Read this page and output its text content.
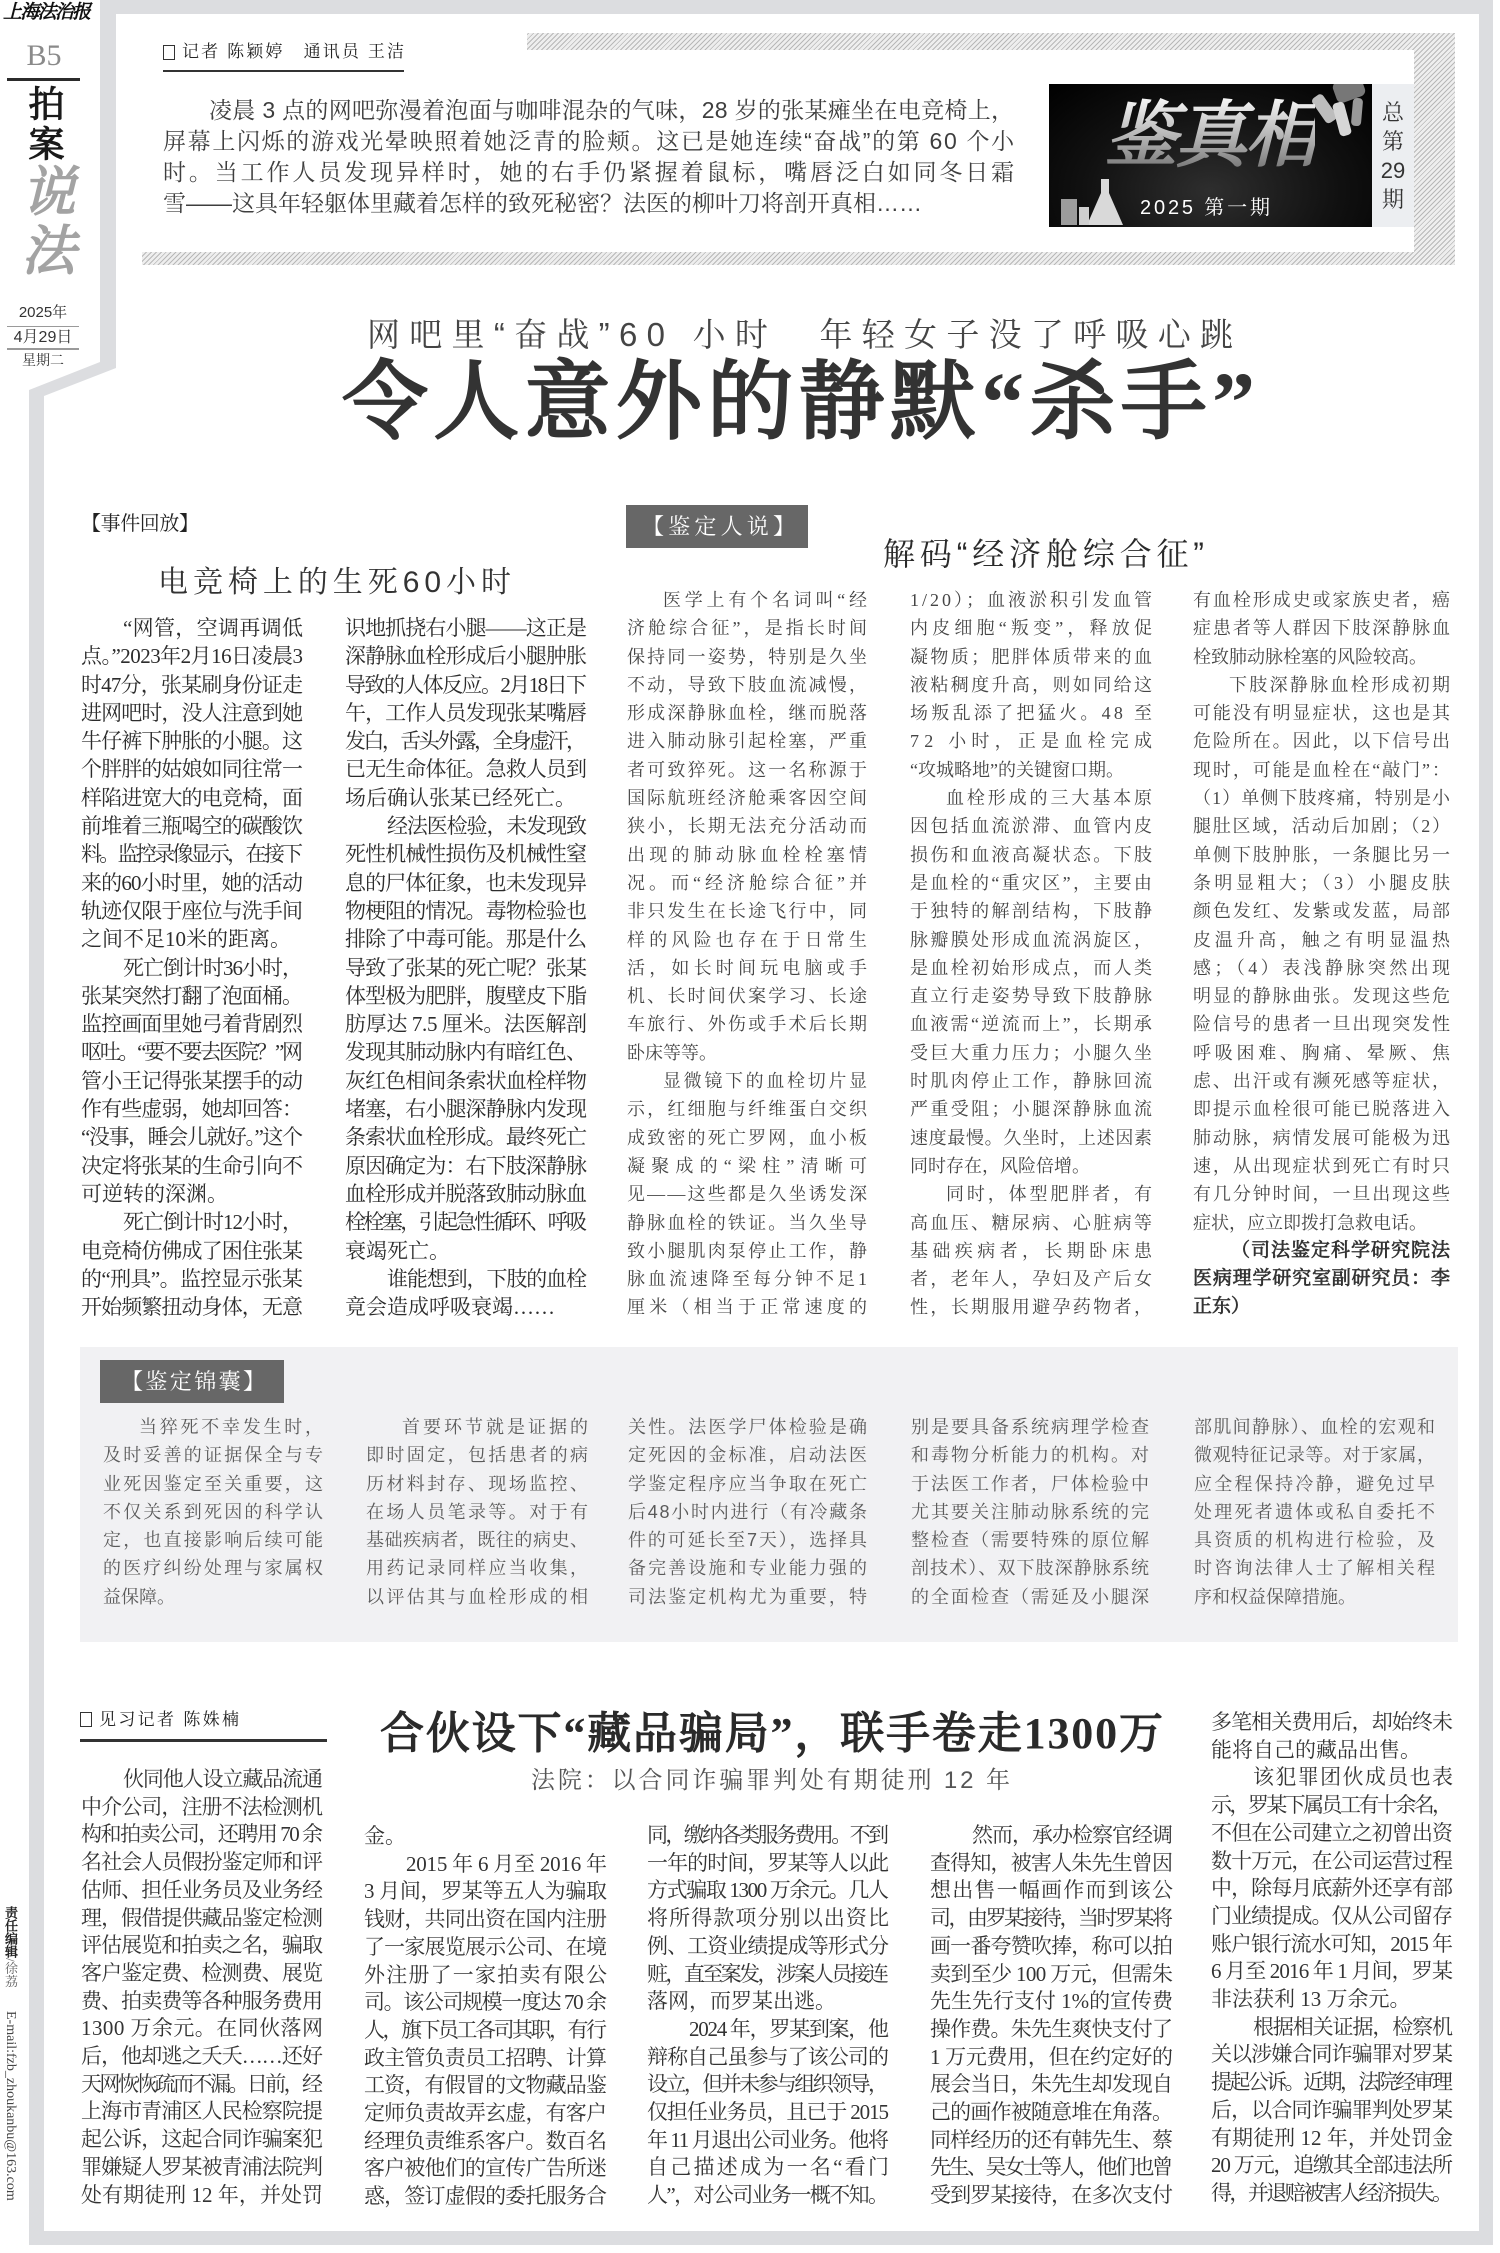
上海法治报
B5
拍案
说法
2025年
4月29日
星期二
责任编辑/徐荔
E-mail:fzb_zhoukanbu@163.com
记者 陈颖婷　通讯员 王洁
凌晨 3 点的网吧弥漫着泡面与咖啡混杂的气味，28 岁的张某瘫坐在电竞椅上，
屏幕上闪烁的游戏光晕映照着她泛青的脸颊。这已是她连续“奋战”的第 60 个小
时。当工作人员发现异样时，她的右手仍紧握着鼠标，嘴唇泛白如同冬日霜
雪——这具年轻躯体里藏着怎样的致死秘密？法医的柳叶刀将剖开真相……
鉴真相
2025 第一期
总
第
29
期
网吧里“奋战”60 小时　年轻女子没了呼吸心跳
令人意外的静默“杀手”
【事件回放】
电竞椅上的生死60小时
“网管，空调再调低
点。”2023年2月16日凌晨3
时47分，张某刷身份证走
进网吧时，没人注意到她
牛仔裤下肿胀的小腿。这
个胖胖的姑娘如同往常一
样陷进宽大的电竞椅，面
前堆着三瓶喝空的碳酸饮
料。监控录像显示，在接下
来的60小时里，她的活动
轨迹仅限于座位与洗手间
之间不足10米的距离。
死亡倒计时36小时，
张某突然打翻了泡面桶。
监控画面里她弓着背剧烈
呕吐。“要不要去医院？”网
管小王记得张某摆手的动
作有些虚弱，她却回答：
“没事，睡会儿就好。”这个
决定将张某的生命引向不
可逆转的深渊。
死亡倒计时12小时，
电竞椅仿佛成了困住张某
的“刑具”。监控显示张某
开始频繁扭动身体，无意
识地抓挠右小腿——这正是
深静脉血栓形成后小腿肿胀
导致的人体反应。2月18日下
午，工作人员发现张某嘴唇
发白，舌头外露，全身虚汗，
已无生命体征。急救人员到
场后确认张某已经死亡。
经法医检验，未发现致
死性机械性损伤及机械性窒
息的尸体征象，也未发现异
物梗阻的情况。毒物检验也
排除了中毒可能。那是什么
导致了张某的死亡呢？张某
体型极为肥胖，腹壁皮下脂
肪厚达 7.5 厘米。法医解剖
发现其肺动脉内有暗红色、
灰红色相间条索状血栓样物
堵塞，右小腿深静脉内发现
条索状血栓形成。最终死亡
原因确定为：右下肢深静脉
血栓形成并脱落致肺动脉血
栓栓塞，引起急性循环、呼吸
衰竭死亡。
谁能想到，下肢的血栓
竟会造成呼吸衰竭……
【鉴定人说】
解码“经济舱综合征”
医学上有个名词叫“经
济舱综合征”，是指长时间
保持同一姿势，特别是久坐
不动，导致下肢血流减慢，
形成深静脉血栓，继而脱落
进入肺动脉引起栓塞，严重
者可致猝死。这一名称源于
国际航班经济舱乘客因空间
狭小，长期无法充分活动而
出现的肺动脉血栓栓塞情
况。而“经济舱综合征”并
非只发生在长途飞行中，同
样的风险也存在于日常生
活，如长时间玩电脑或手
机、长时间伏案学习、长途
车旅行、外伤或手术后长期
卧床等等。
显微镜下的血栓切片显
示，红细胞与纤维蛋白交织
成致密的死亡罗网，血小板
凝聚成的“梁柱”清晰可
见——这些都是久坐诱发深
静脉血栓的铁证。当久坐导
致小腿肌肉泵停止工作，静
脉血流速降至每分钟不足1
厘米（相当于正常速度的
1/20）；血液淤积引发血管
内皮细胞“叛变”，释放促
凝物质；肥胖体质带来的血
液粘稠度升高，则如同给这
场叛乱添了把猛火。48 至
72 小时，正是血栓完成
“攻城略地”的关键窗口期。
血栓形成的三大基本原
因包括血流淤滞、血管内皮
损伤和血液高凝状态。下肢
是血栓的“重灾区”，主要由
于独特的解剖结构，下肢静
脉瓣膜处形成血流涡旋区，
是血栓初始形成点，而人类
直立行走姿势导致下肢静脉
血液需“逆流而上”，长期承
受巨大重力压力；小腿久坐
时肌肉停止工作，静脉回流
严重受阻；小腿深静脉血流
速度最慢。久坐时，上述因素
同时存在，风险倍增。
同时，体型肥胖者，有
高血压、糖尿病、心脏病等
基础疾病者，长期卧床患
者，老年人，孕妇及产后女
性，长期服用避孕药物者，
有血栓形成史或家族史者，癌
症患者等人群因下肢深静脉血
栓致肺动脉栓塞的风险较高。
下肢深静脉血栓形成初期
可能没有明显症状，这也是其
危险所在。因此，以下信号出
现时，可能是血栓在“敲门”：
（1）单侧下肢疼痛，特别是小
腿肚区域，活动后加剧；（2）
单侧下肢肿胀，一条腿比另一
条明显粗大；（3）小腿皮肤
颜色发红、发紫或发蓝，局部
皮温升高，触之有明显温热
感；（4）表浅静脉突然出现
明显的静脉曲张。发现这些危
险信号的患者一旦出现突发性
呼吸困难、胸痛、晕厥、焦
虑、出汗或有濒死感等症状，
即提示血栓很可能已脱落进入
肺动脉，病情发展可能极为迅
速，从出现症状到死亡有时只
有几分钟时间，一旦出现这些
症状，应立即拨打急救电话。
（司法鉴定科学研究院法
医病理学研究室副研究员：李
正东）
【鉴定锦囊】
当猝死不幸发生时，
及时妥善的证据保全与专
业死因鉴定至关重要，这
不仅关系到死因的科学认
定，也直接影响后续可能
的医疗纠纷处理与家属权
益保障。
首要环节就是证据的
即时固定，包括患者的病
历材料封存、现场监控、
在场人员笔录等。对于有
基础疾病者，既往的病史、
用药记录同样应当收集，
以评估其与血栓形成的相
关性。法医学尸体检验是确
定死因的金标准，启动法医
学鉴定程序应当争取在死亡
后48小时内进行（有冷藏条
件的可延长至7天），选择具
备完善设施和专业能力强的
司法鉴定机构尤为重要，特
别是要具备系统病理学检查
和毒物分析能力的机构。对
于法医工作者，尸体检验中
尤其要关注肺动脉系统的完
整检查（需要特殊的原位解
剖技术）、双下肢深静脉系统
的全面检查（需延及小腿深
部肌间静脉）、血栓的宏观和
微观特征记录等。对于家属，
应全程保持冷静，避免过早
处理死者遗体或私自委托不
具资质的机构进行检验，及
时咨询法律人士了解相关程
序和权益保障措施。
见习记者 陈姝楠	合伙设下“藏品骗局”，联手卷走1300万
法院：以合同诈骗罪判处有期徒刑 12 年
伙同他人设立藏品流通
中介公司，注册不法检测机
构和拍卖公司，还聘用 70 余
名社会人员假扮鉴定师和评
估师、担任业务员及业务经
理，假借提供藏品鉴定检测
评估展览和拍卖之名，骗取
客户鉴定费、检测费、展览
费、拍卖费等各种服务费用
1300 万余元。在同伙落网
后，他却逃之夭夭……还好
天网恢恢疏而不漏。日前，经
上海市青浦区人民检察院提
起公诉，这起合同诈骗案犯
罪嫌疑人罗某被青浦法院判
处有期徒刑 12 年，并处罚
金。
2015 年 6 月至 2016 年
3 月间，罗某等五人为骗取
钱财，共同出资在国内注册
了一家展览展示公司、在境
外注册了一家拍卖有限公
司。该公司规模一度达 70 余
人，旗下员工各司其职，有行
政主管负责员工招聘、计算
工资，有假冒的文物藏品鉴
定师负责故弄玄虚，有客户
经理负责维系客户。数百名
客户被他们的宣传广告所迷
惑，签订虚假的委托服务合
同，缴纳各类服务费用。不到
一年的时间，罗某等人以此
方式骗取 1300 万余元。几人
将所得款项分别以出资比
例、工资业绩提成等形式分
赃，直至案发，涉案人员接连
落网，而罗某出逃。
2024 年，罗某到案，他
辩称自己虽参与了该公司的
设立，但并未参与组织领导，
仅担任业务员，且已于 2015
年 11 月退出公司业务。他将
自己描述成为一名“看门
人”，对公司业务一概不知。
然而，承办检察官经调
查得知，被害人朱先生曾因
想出售一幅画作而到该公
司，由罗某接待，当时罗某将
画一番夸赞吹捧，称可以拍
卖到至少 100 万元，但需朱
先生先行支付 1%的宣传费
操作费。朱先生爽快支付了
1 万元费用，但在约定好的
展会当日，朱先生却发现自
己的画作被随意堆在角落。
同样经历的还有韩先生、蔡
先生、吴女士等人，他们也曾
受到罗某接待，在多次支付
多笔相关费用后，却始终未
能将自己的藏品出售。
该犯罪团伙成员也表
示，罗某下属员工有十余名，
不但在公司建立之初曾出资
数十万元，在公司运营过程
中，除每月底薪外还享有部
门业绩提成。仅从公司留存
账户银行流水可知，2015 年
6 月至 2016 年 1 月间，罗某
非法获利 13 万余元。
根据相关证据，检察机
关以涉嫌合同诈骗罪对罗某
提起公诉。近期，法院经审理
后，以合同诈骗罪判处罗某
有期徒刑 12 年，并处罚金
20 万元，追缴其全部违法所
得，并退赔被害人经济损失。
